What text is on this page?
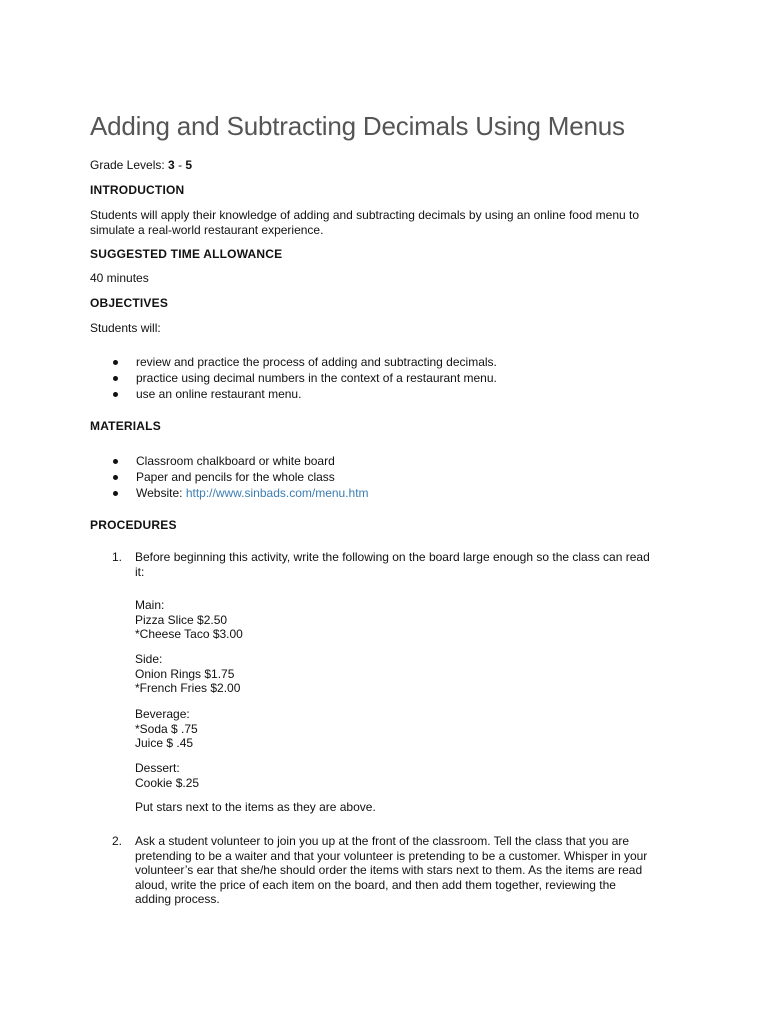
Adding and Subtracting Decimals Using Menus
Grade Levels: 3 - 5
INTRODUCTION
Students will apply their knowledge of adding and subtracting decimals by using an online food menu to
simulate a real-world restaurant experience.
SUGGESTED TIME ALLOWANCE
40 minutes
OBJECTIVES
Students will:
review and practice the process of adding and subtracting decimals.
practice using decimal numbers in the context of a restaurant menu.
use an online restaurant menu.
MATERIALS
Classroom chalkboard or white board
Paper and pencils for the whole class
Website: http://www.sinbads.com/menu.htm
PROCEDURES
1.	Before beginning this activity, write the following on the board large enough so the class can read
it:
Main:
Pizza Slice $2.50
*Cheese Taco $3.00
Side:
Onion Rings $1.75
*French Fries $2.00
Beverage:
*Soda $ .75
Juice $ .45
Dessert:
Cookie $.25
Put stars next to the items as they are above.
2.	Ask a student volunteer to join you up at the front of the classroom. Tell the class that you are
pretending to be a waiter and that your volunteer is pretending to be a customer. Whisper in your
volunteer’s ear that she/he should order the items with stars next to them. As the items are read
aloud, write the price of each item on the board, and then add them together, reviewing the
adding process.
